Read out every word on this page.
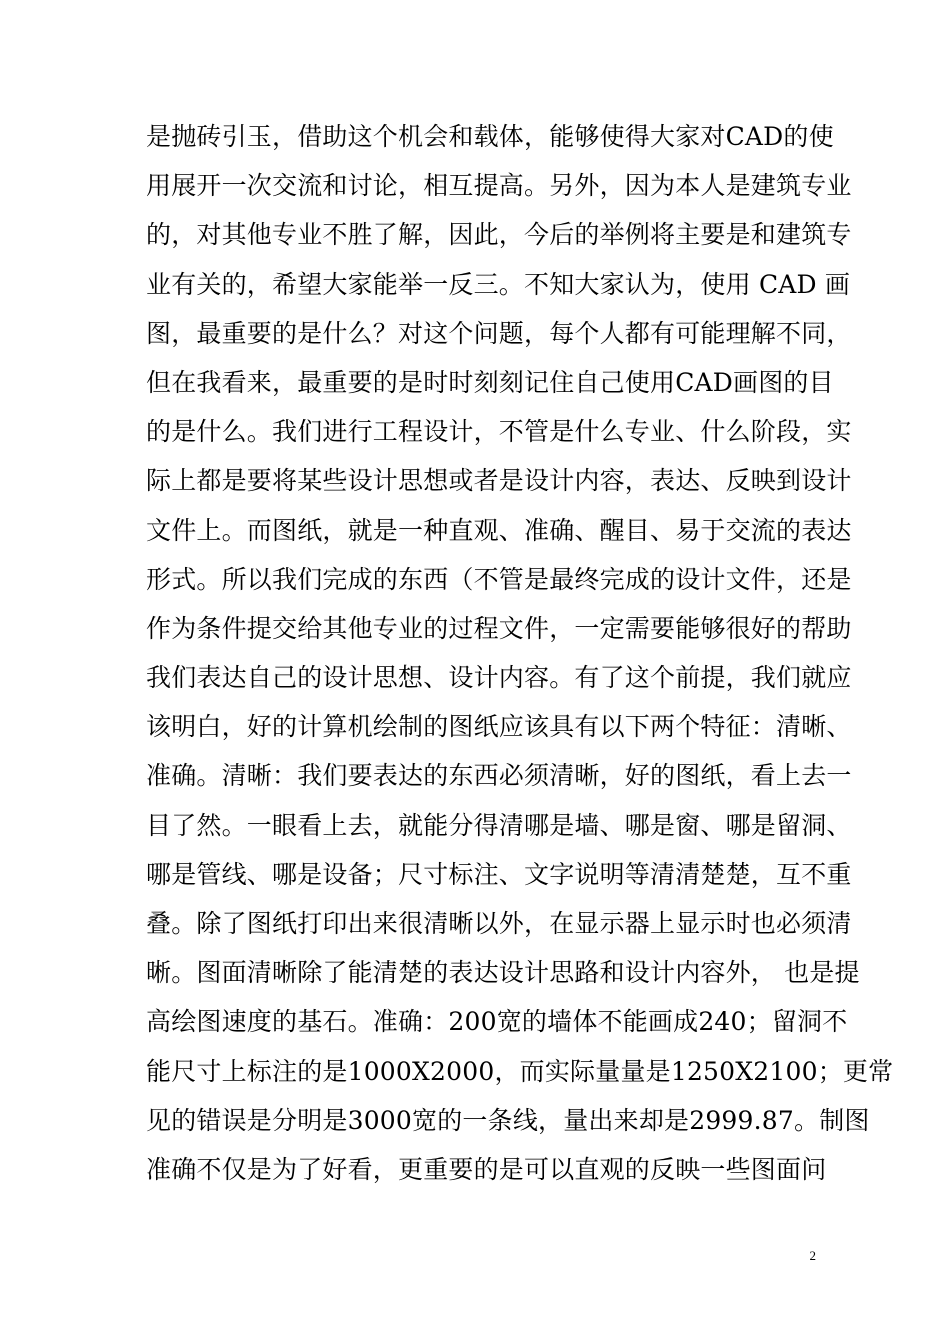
是抛砖引玉，借助这个机会和载体，能够使得大家对CAD的使
用展开一次交流和讨论，相互提高。另外，因为本人是建筑专业
的，对其他专业不胜了解，因此，今后的举例将主要是和建筑专
业有关的，希望大家能举一反三。不知大家认为，使用 CAD 画
图，最重要的是什么？对这个问题，每个人都有可能理解不同，
但在我看来，最重要的是时时刻刻记住自己使用CAD画图的目
的是什么。我们进行工程设计，不管是什么专业、什么阶段，实
际上都是要将某些设计思想或者是设计内容，表达、反映到设计
文件上。而图纸，就是一种直观、准确、醒目、易于交流的表达
形式。所以我们完成的东西（不管是最终完成的设计文件，还是
作为条件提交给其他专业的过程文件，一定需要能够很好的帮助
我们表达自己的设计思想、设计内容。有了这个前提，我们就应
该明白，好的计算机绘制的图纸应该具有以下两个特征：清晰、
准确。清晰：我们要表达的东西必须清晰，好的图纸，看上去一
目了然。一眼看上去，就能分得清哪是墙、哪是窗、哪是留洞、
哪是管线、哪是设备；尺寸标注、文字说明等清清楚楚，互不重
叠。除了图纸打印出来很清晰以外，在显示器上显示时也必须清
晰。图面清晰除了能清楚的表达设计思路和设计内容外， 也是提
高绘图速度的基石。准确：200宽的墙体不能画成240；留洞不
能尺寸上标注的是1000X2000，而实际量量是1250X2100；更常
见的错误是分明是3000宽的一条线，量出来却是2999.87。制图
准确不仅是为了好看，更重要的是可以直观的反映一些图面问
2
